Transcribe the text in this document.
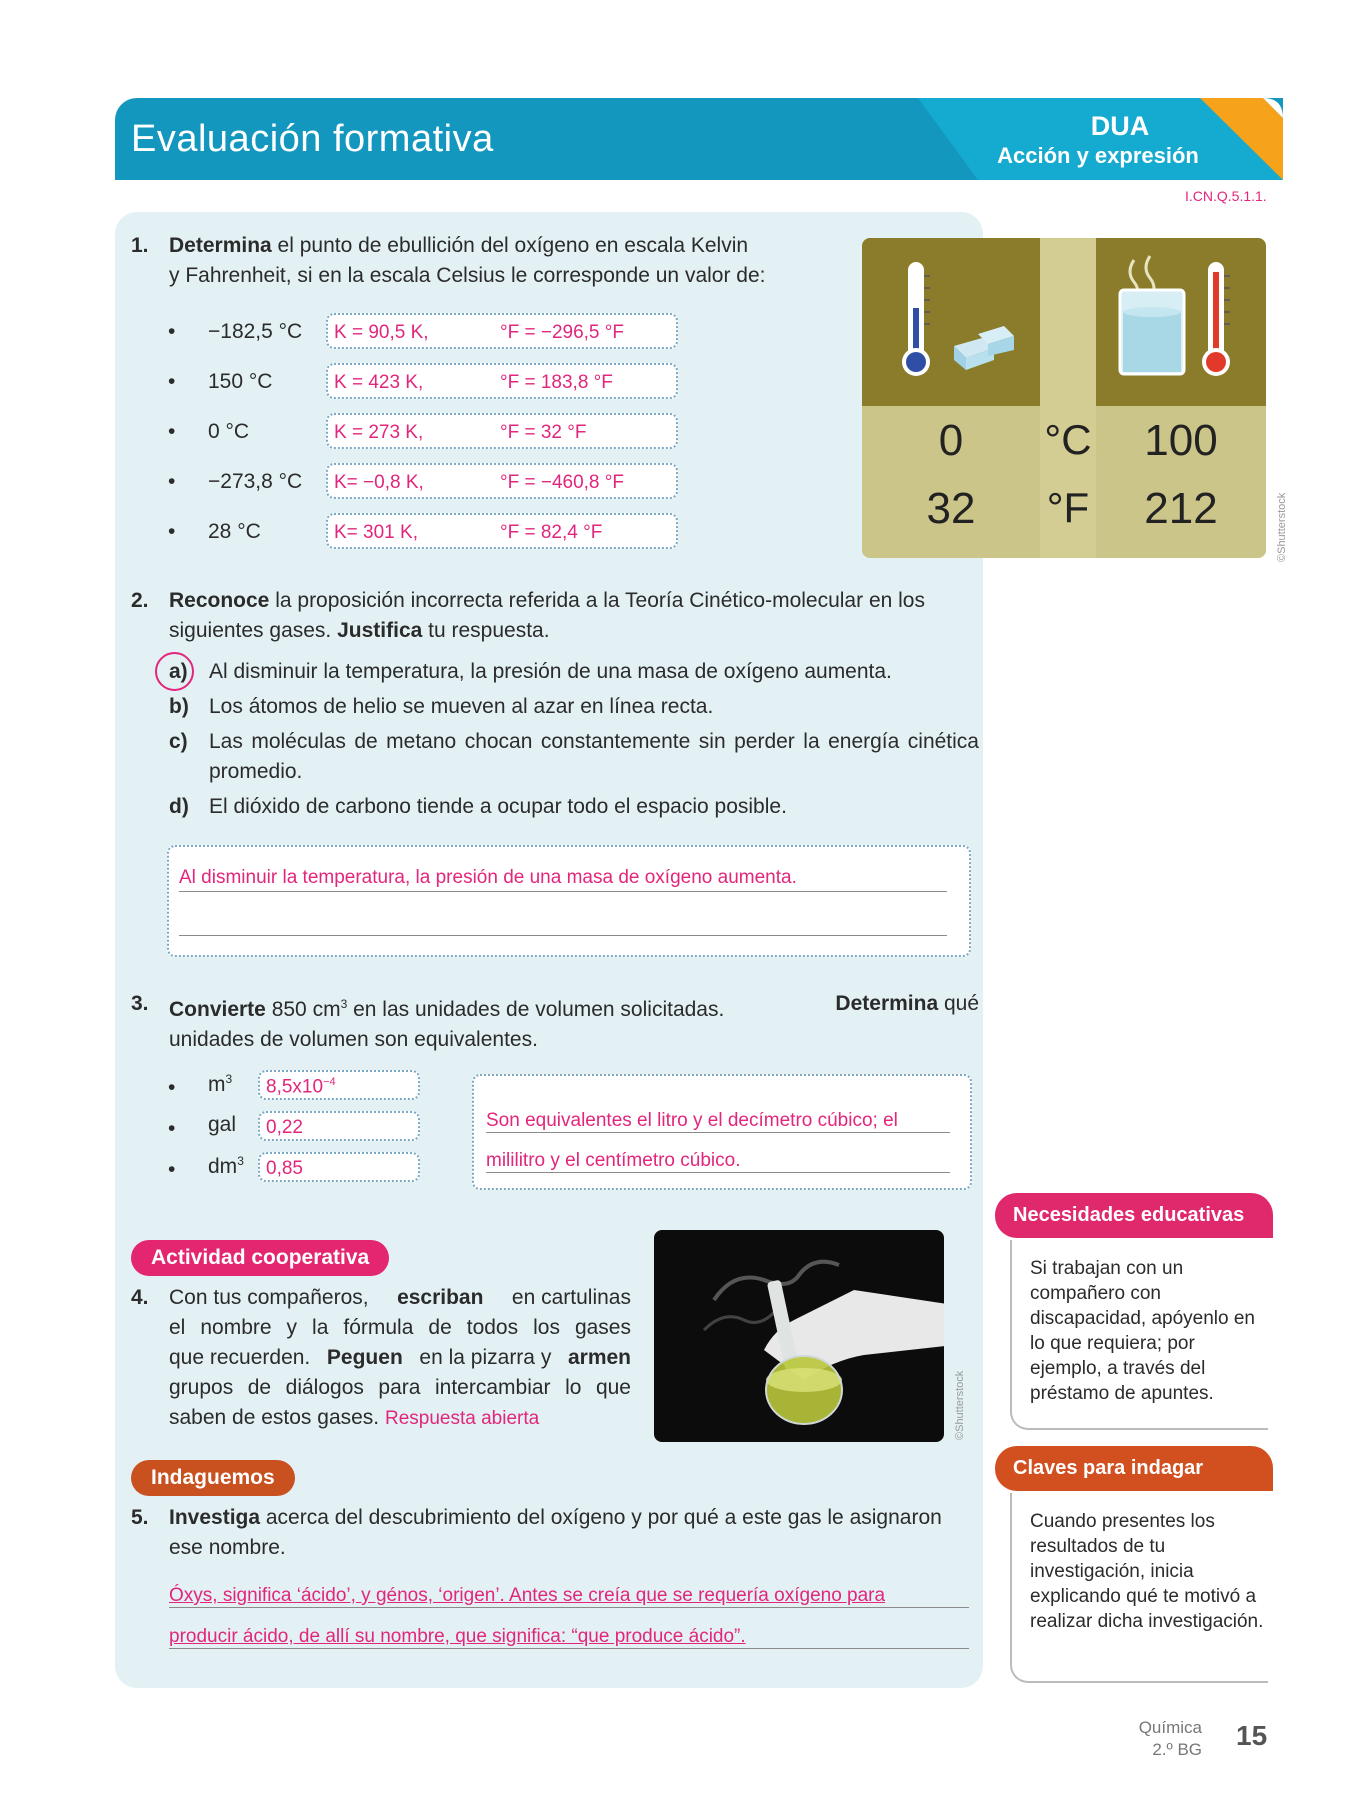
Evaluación formativa	DUA
Acción y expresión
I.CN.Q.5.1.1.
1. Determina el punto de ebullición del oxígeno en escala Kelvin
y Fahrenheit, si en la escala Celsius le corresponde un valor de:
• −182,5 °C K = 90,5 K,	°F = −296,5 °F
• 150 °C	K = 423 K,	°F = 183,8 °F
• 0 °C	K = 273 K,	°F = 32 °F
• −273,8 °C K= −0,8 K,	°F = −460,8 °F
• 28 °C	K= 301 K,	°F = 82,4 °F
0	°C	100
32	°F	212	©Shutterstock
2. Reconoce la proposición incorrecta referida a la Teoría Cinético-molecular en los
siguientes gases. Justifica tu respuesta.
a) Al disminuir la temperatura, la presión de una masa de oxígeno aumenta.
b) Los átomos de helio se mueven al azar en línea recta.
c) Las moléculas de metano chocan constantemente sin perder la energía cinética promedio.
d) El dióxido de carbono tiende a ocupar todo el espacio posible.
Al disminuir la temperatura, la presión de una masa de oxígeno aumenta.
3. Convierte 850 $cm^3$ en las unidades de volumen solicitadas.	Determina qué
unidades de volumen son equivalentes.
• $m^3$ $8,5x10^{-4}$
• gal 0,22
• $dm^3$ 0,85
Son equivalentes el litro y el decímetro cúbico; el
mililitro y el centímetro cúbico.
Actividad cooperativa
4. Con tus compañeros, escriban en cartulinas
el nombre y la fórmula de todos los gases
que recuerden. Peguen en la pizarra y armen
grupos de diálogos para intercambiar lo que
saben de estos gases. Respuesta abierta	©Shutterstock
Indaguemos
5. Investiga acerca del descubrimiento del oxígeno y por qué a este gas le asignaron
ese nombre.
Óxys, significa ‘ácido’, y génos, ‘origen’. Antes se creía que se requería oxígeno para
producir ácido, de allí su nombre, que significa: “que produce ácido”.
Necesidades educativas
Si trabajan con un compañero con discapacidad, apóyenlo en lo que requiera; por ejemplo, a través del préstamo de apuntes.
Claves para indagar
Cuando presentes los resultados de tu investigación, inicia explicando qué te motivó a realizar dicha investigación.
Química
2.º BG 15
